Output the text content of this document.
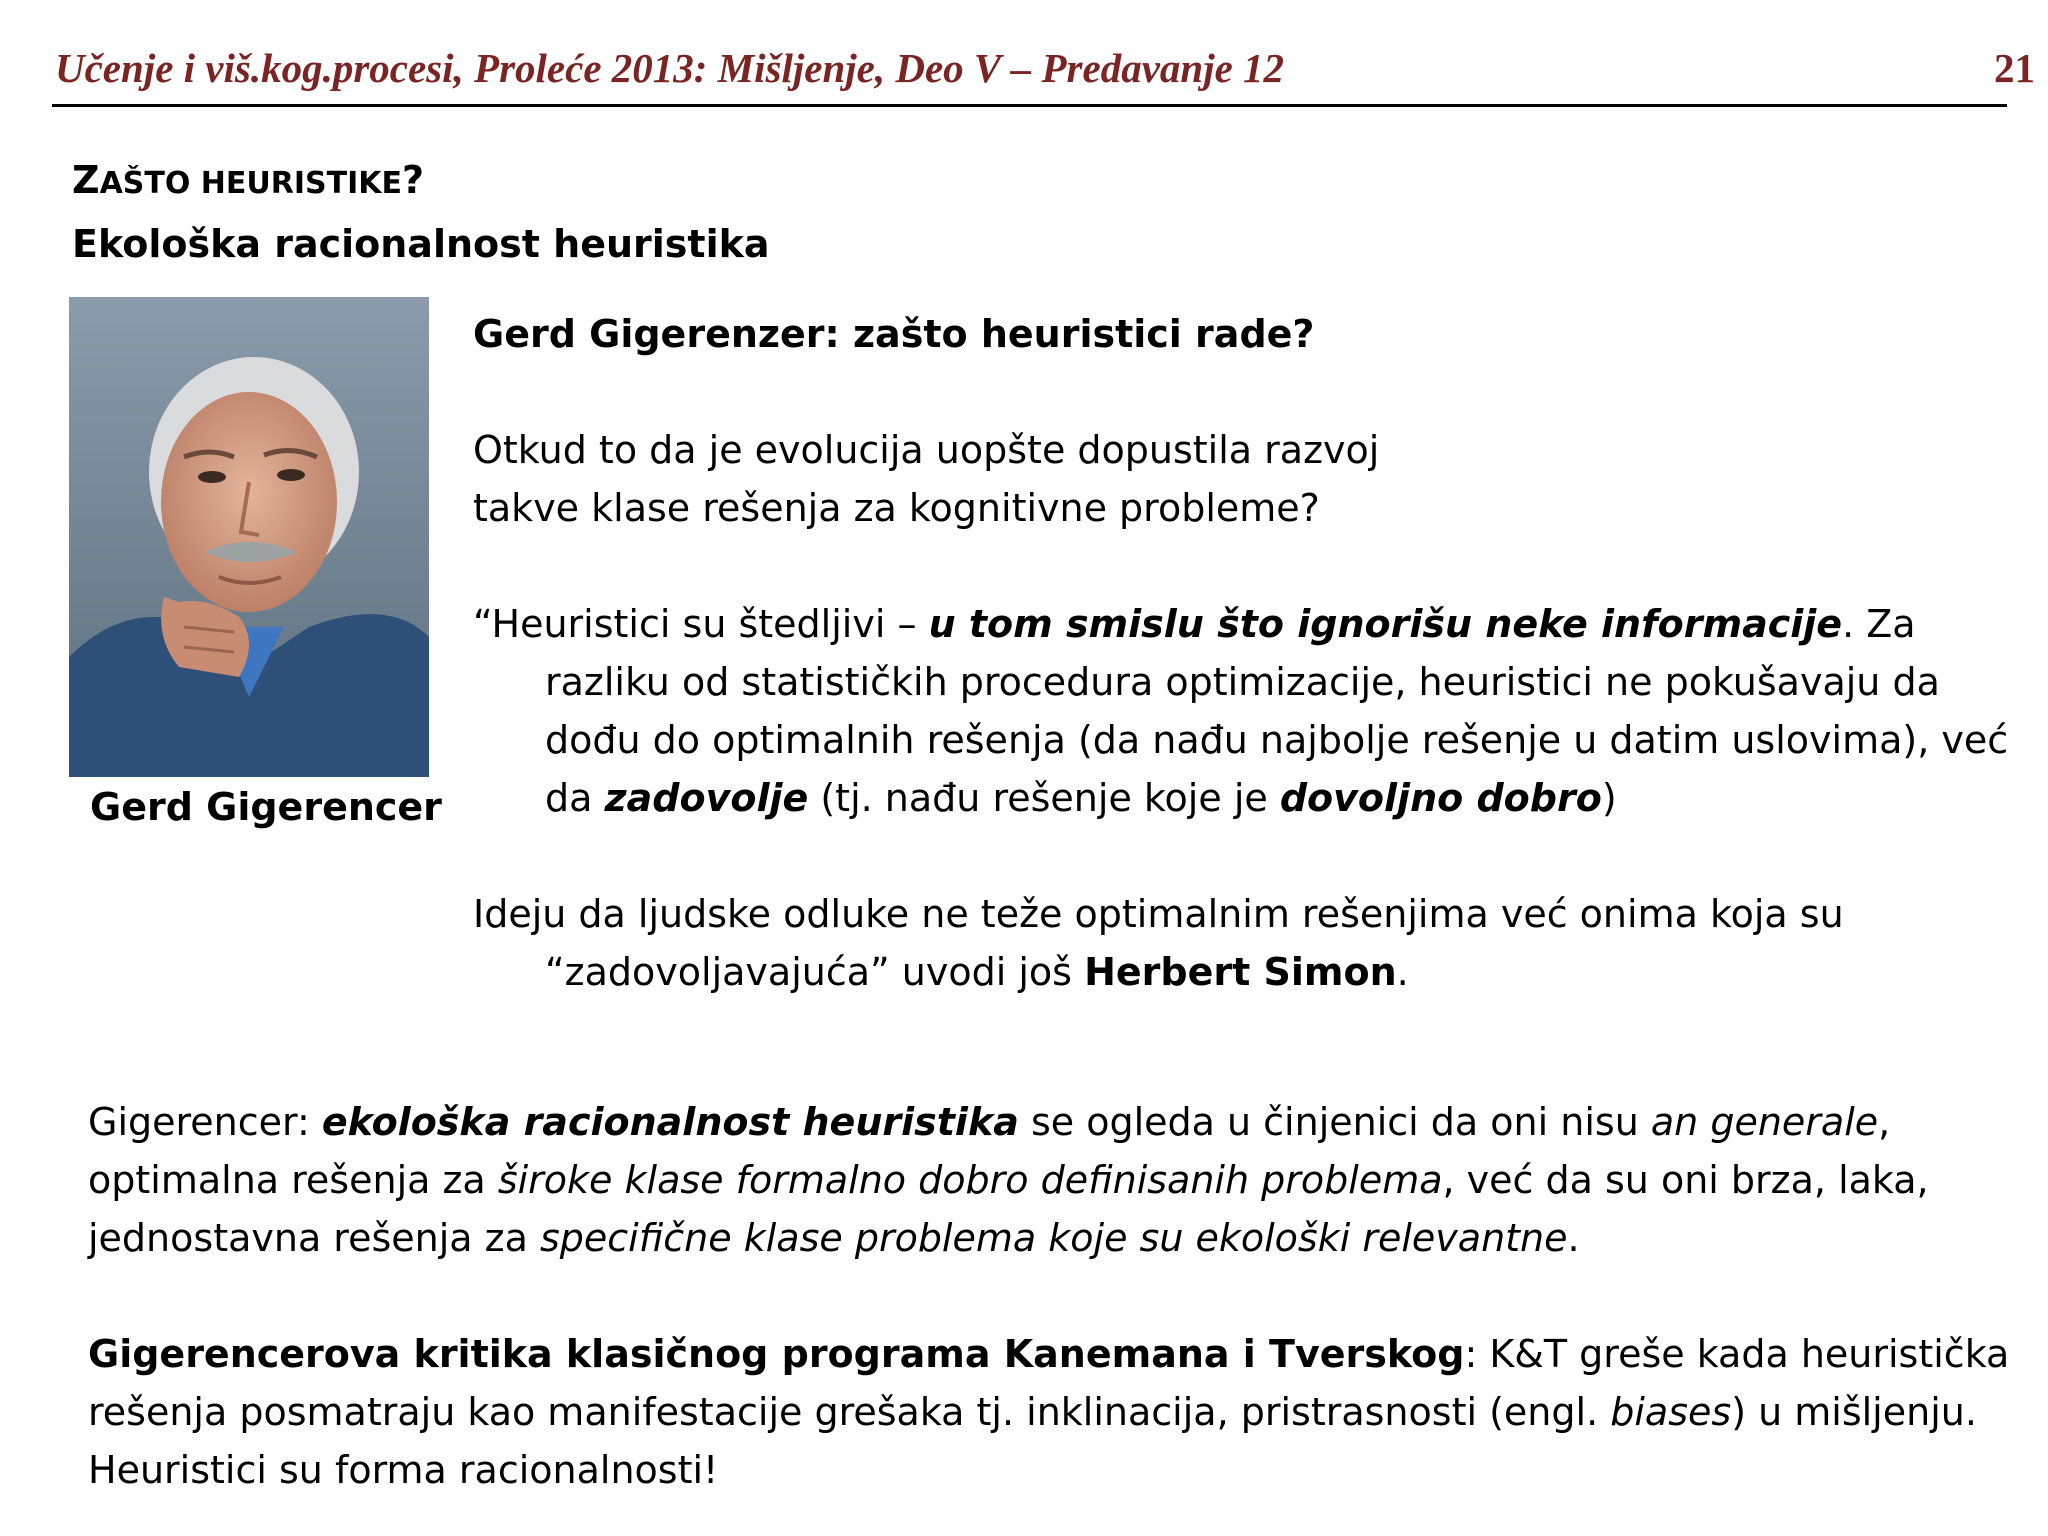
Učenje i viš.kog.procesi, Proleće 2013: Mišljenje, Deo V – Predavanje 12	21
ZAŠTO HEURISTIKE?
Ekološka racionalnost heuristika
Gerd Gigerencer

Gerd Gigerenzer: zašto heuristici rade?

Otkud to da je evolucija uopšte dopustila razvoj takve klase rešenja za kognitivne probleme?

“Heuristici su štedljivi – u tom smislu što ignorišu neke informacije. Za razliku od statističkih procedura optimizacije, heuristici ne pokušavaju da dođu do optimalnih rešenja (da nađu najbolje rešenje u datim uslovima), već da zadovolje (tj. nađu rešenje koje je dovoljno dobro)

Ideju da ljudske odluke ne teže optimalnim rešenjima već onima koja su “zadovoljavajuća” uvodi još Herbert Simon.

Gigerencer: ekološka racionalnost heuristika se ogleda u činjenici da oni nisu an generale, optimalna rešenja za široke klase formalno dobro definisanih problema, već da su oni brza, laka, jednostavna rešenja za specifične klase problema koje su ekološki relevantne.

Gigerencerova kritika klasičnog programa Kanemana i Tverskog: K&T greše kada heuristička rešenja posmatraju kao manifestacije grešaka tj. inklinacija, pristrasnosti (engl. biases) u mišljenju. Heuristici su forma racionalnosti!
